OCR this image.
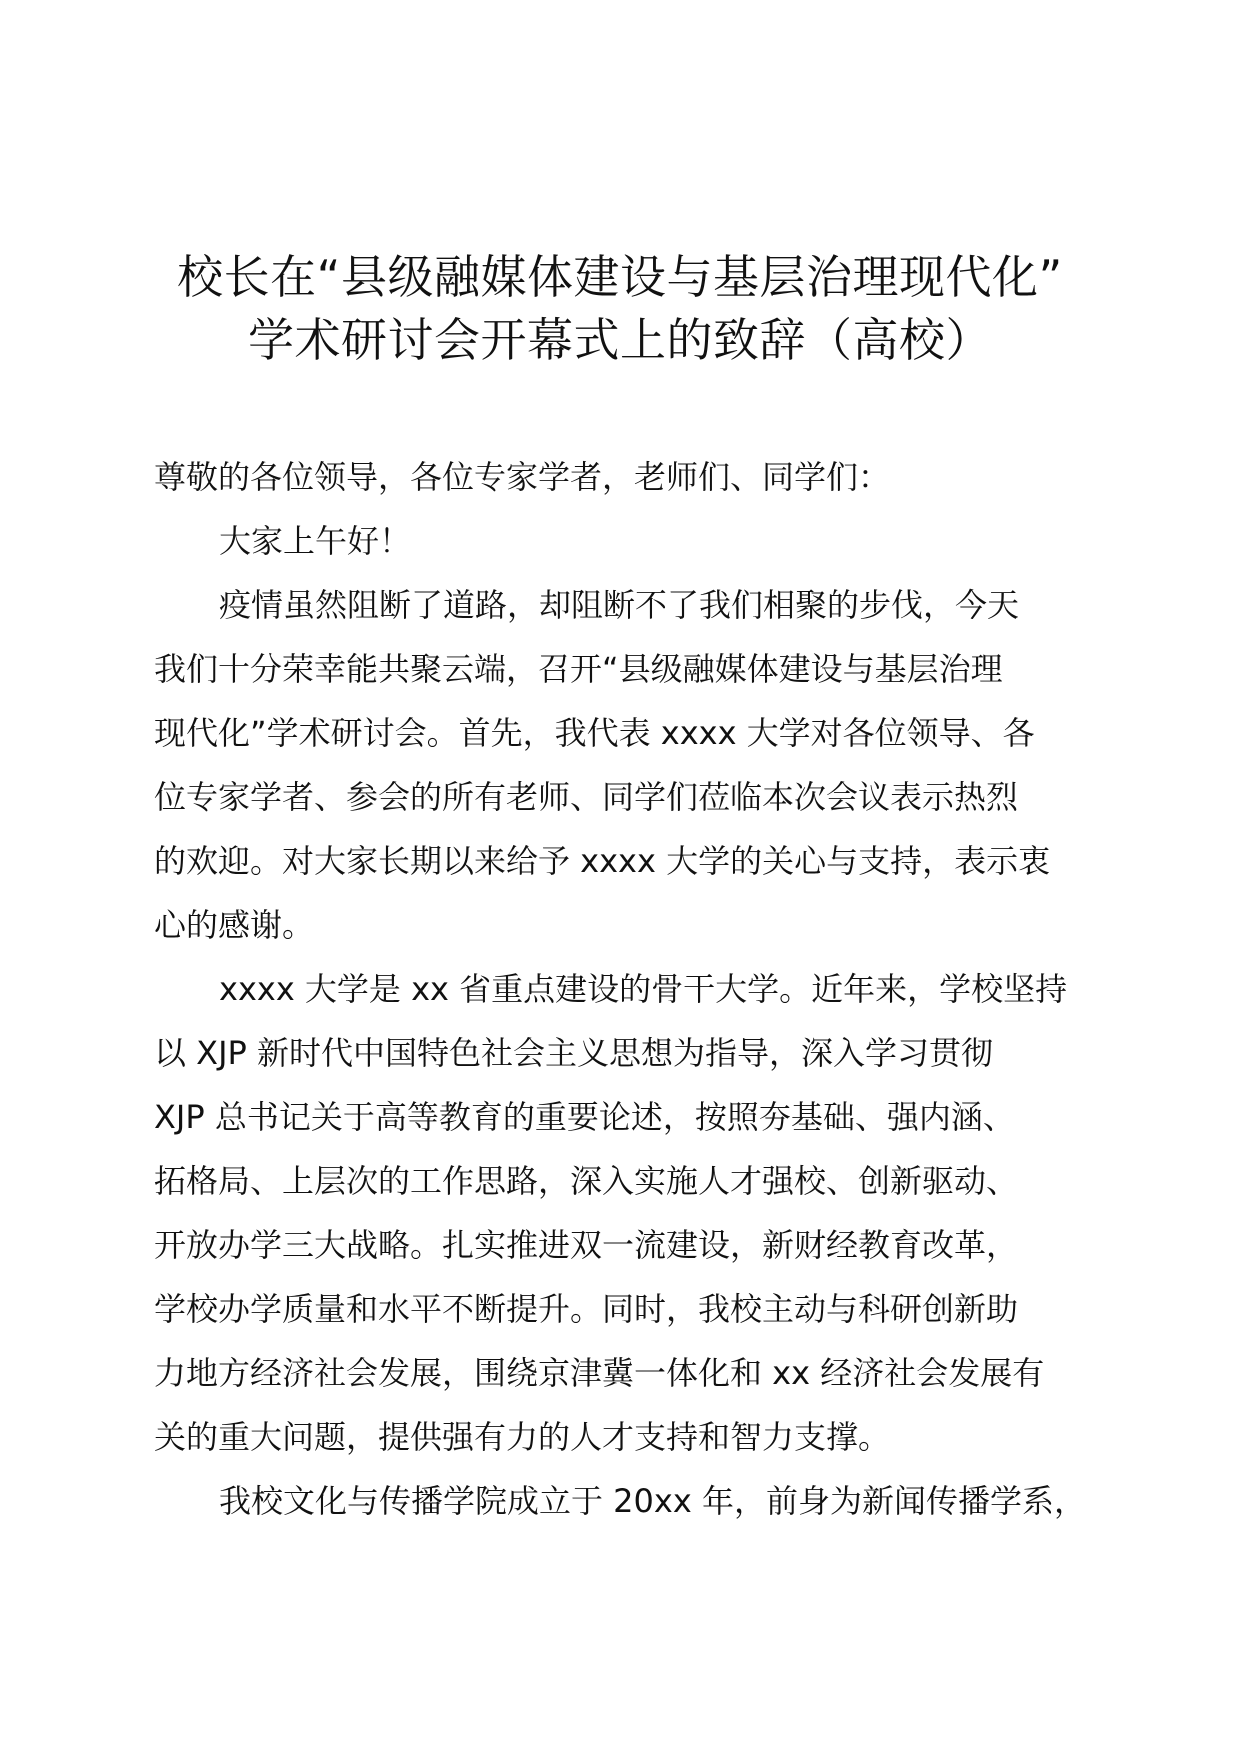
校长在“县级融媒体建设与基层治理现代化”
学术研讨会开幕式上的致辞（高校）
尊敬的各位领导，各位专家学者，老师们、同学们：
大家上午好！
疫情虽然阻断了道路，却阻断不了我们相聚的步伐，今天
我们十分荣幸能共聚云端，召开“县级融媒体建设与基层治理
现代化”学术研讨会。首先，我代表 xxxx 大学对各位领导、各
位专家学者、参会的所有老师、同学们莅临本次会议表示热烈
的欢迎。对大家长期以来给予 xxxx 大学的关心与支持，表示衷
心的感谢。
xxxx 大学是 xx 省重点建设的骨干大学。近年来，学校坚持
以 XJP 新时代中国特色社会主义思想为指导，深入学习贯彻
XJP 总书记关于高等教育的重要论述，按照夯基础、强内涵、
拓格局、上层次的工作思路，深入实施人才强校、创新驱动、
开放办学三大战略。扎实推进双一流建设，新财经教育改革，
学校办学质量和水平不断提升。同时，我校主动与科研创新助
力地方经济社会发展，围绕京津冀一体化和 xx 经济社会发展有
关的重大问题，提供强有力的人才支持和智力支撑。
我校文化与传播学院成立于 20xx 年，前身为新闻传播学系，
